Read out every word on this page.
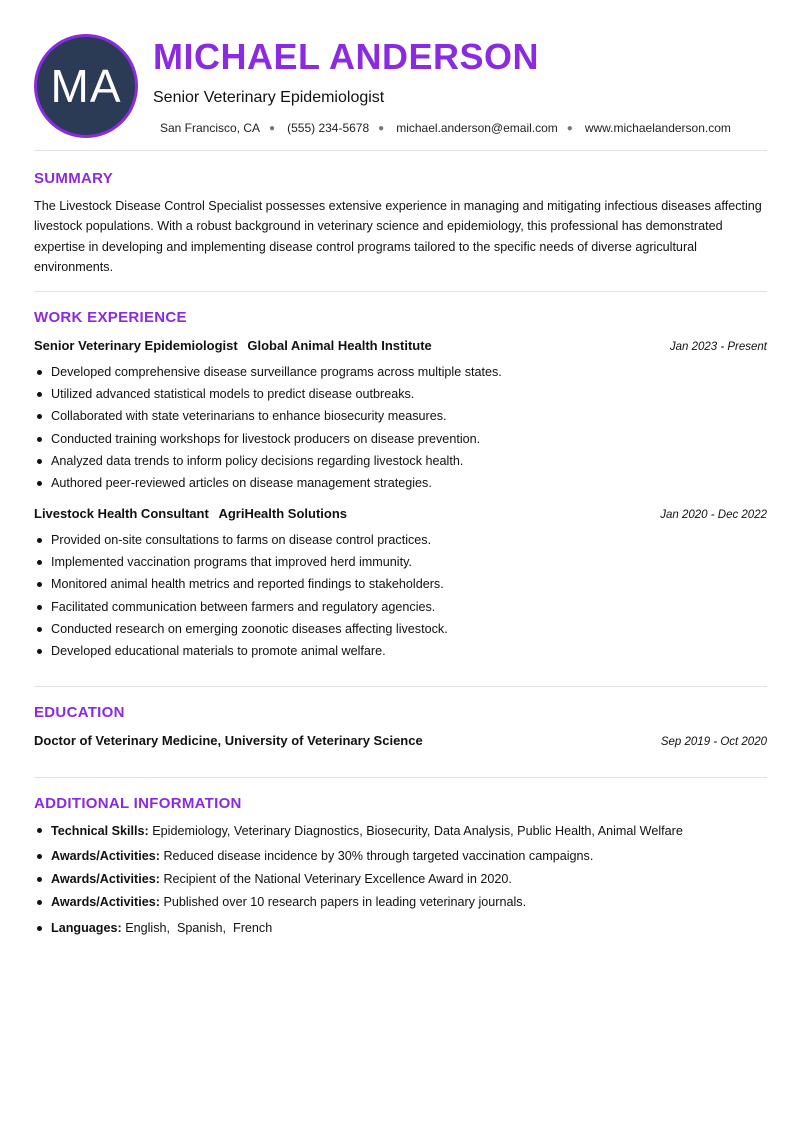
MA
MICHAEL ANDERSON
Senior Veterinary Epidemiologist
San Francisco, CA ● (555) 234-5678 ● michael.anderson@email.com ● www.michaelanderson.com
SUMMARY

The Livestock Disease Control Specialist possesses extensive experience in managing and mitigating infectious diseases affecting livestock populations. With a robust background in veterinary science and epidemiology, this professional has demonstrated expertise in developing and implementing disease control programs tailored to the specific needs of diverse agricultural environments.

WORK EXPERIENCE
Senior Veterinary Epidemiologist Global Animal Health Institute	Jan 2023 - Present
Developed comprehensive disease surveillance programs across multiple states.
Utilized advanced statistical models to predict disease outbreaks.
Collaborated with state veterinarians to enhance biosecurity measures.
Conducted training workshops for livestock producers on disease prevention.
Analyzed data trends to inform policy decisions regarding livestock health.
Authored peer-reviewed articles on disease management strategies.
Livestock Health Consultant AgriHealth Solutions	Jan 2020 - Dec 2022
Provided on-site consultations to farms on disease control practices.
Implemented vaccination programs that improved herd immunity.
Monitored animal health metrics and reported findings to stakeholders.
Facilitated communication between farmers and regulatory agencies.
Conducted research on emerging zoonotic diseases affecting livestock.
Developed educational materials to promote animal welfare.
EDUCATION
Doctor of Veterinary Medicine, University of Veterinary Science	Sep 2019 - Oct 2020
ADDITIONAL INFORMATION
Technical Skills: Epidemiology, Veterinary Diagnostics, Biosecurity, Data Analysis, Public Health, Animal Welfare
Awards/Activities: Reduced disease incidence by 30% through targeted vaccination campaigns.
Awards/Activities: Recipient of the National Veterinary Excellence Award in 2020.
Awards/Activities: Published over 10 research papers in leading veterinary journals.
Languages: English,  Spanish,  French
